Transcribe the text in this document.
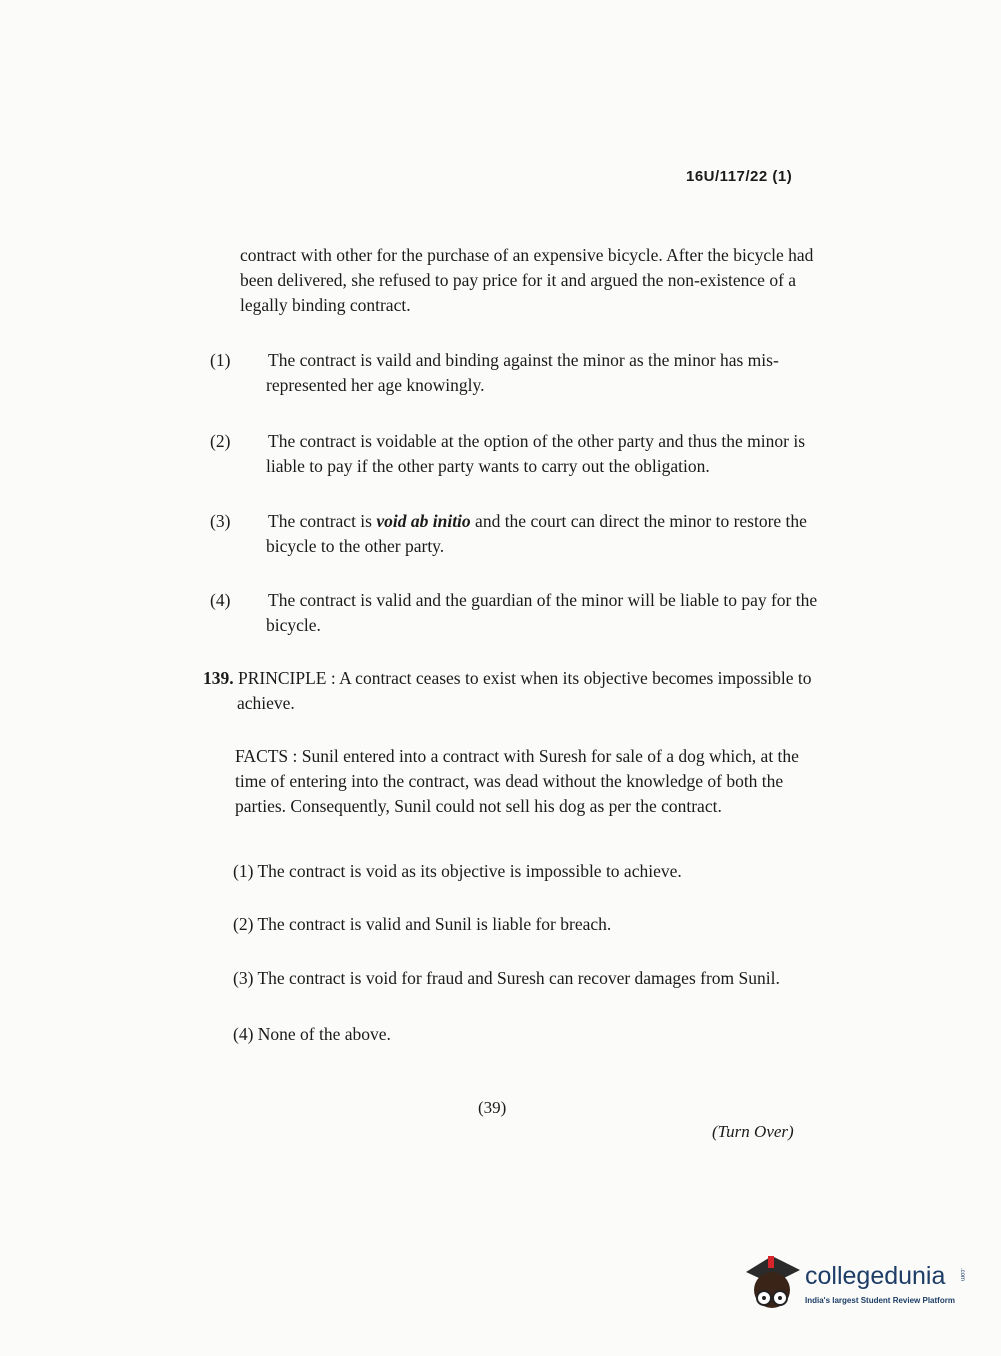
16U/117/22 (1)
contract with other for the purchase of an expensive bicycle. After the bicycle had been delivered, she refused to pay price for it and argued the non-existence of a legally binding contract.
(1) The contract is vaild and binding against the minor as the minor has mis-represented her age knowingly.
(2) The contract is voidable at the option of the other party and thus the minor is liable to pay if the other party wants to carry out the obligation.
(3) The contract is void ab initio and the court can direct the minor to restore the bicycle to the other party.
(4) The contract is valid and the guardian of the minor will be liable to pay for the bicycle.
139. PRINCIPLE : A contract ceases to exist when its objective becomes impossible to achieve.
FACTS : Sunil entered into a contract with Suresh for sale of a dog which, at the time of entering into the contract, was dead without the knowledge of both the parties. Consequently, Sunil could not sell his dog as per the contract.
(1) The contract is void as its objective is impossible to achieve.
(2) The contract is valid and Sunil is liable for breach.
(3) The contract is void for fraud and Suresh can recover damages from Sunil.
(4) None of the above.
(39)
(Turn Over)
collegedunia .com
India's largest Student Review Platform
